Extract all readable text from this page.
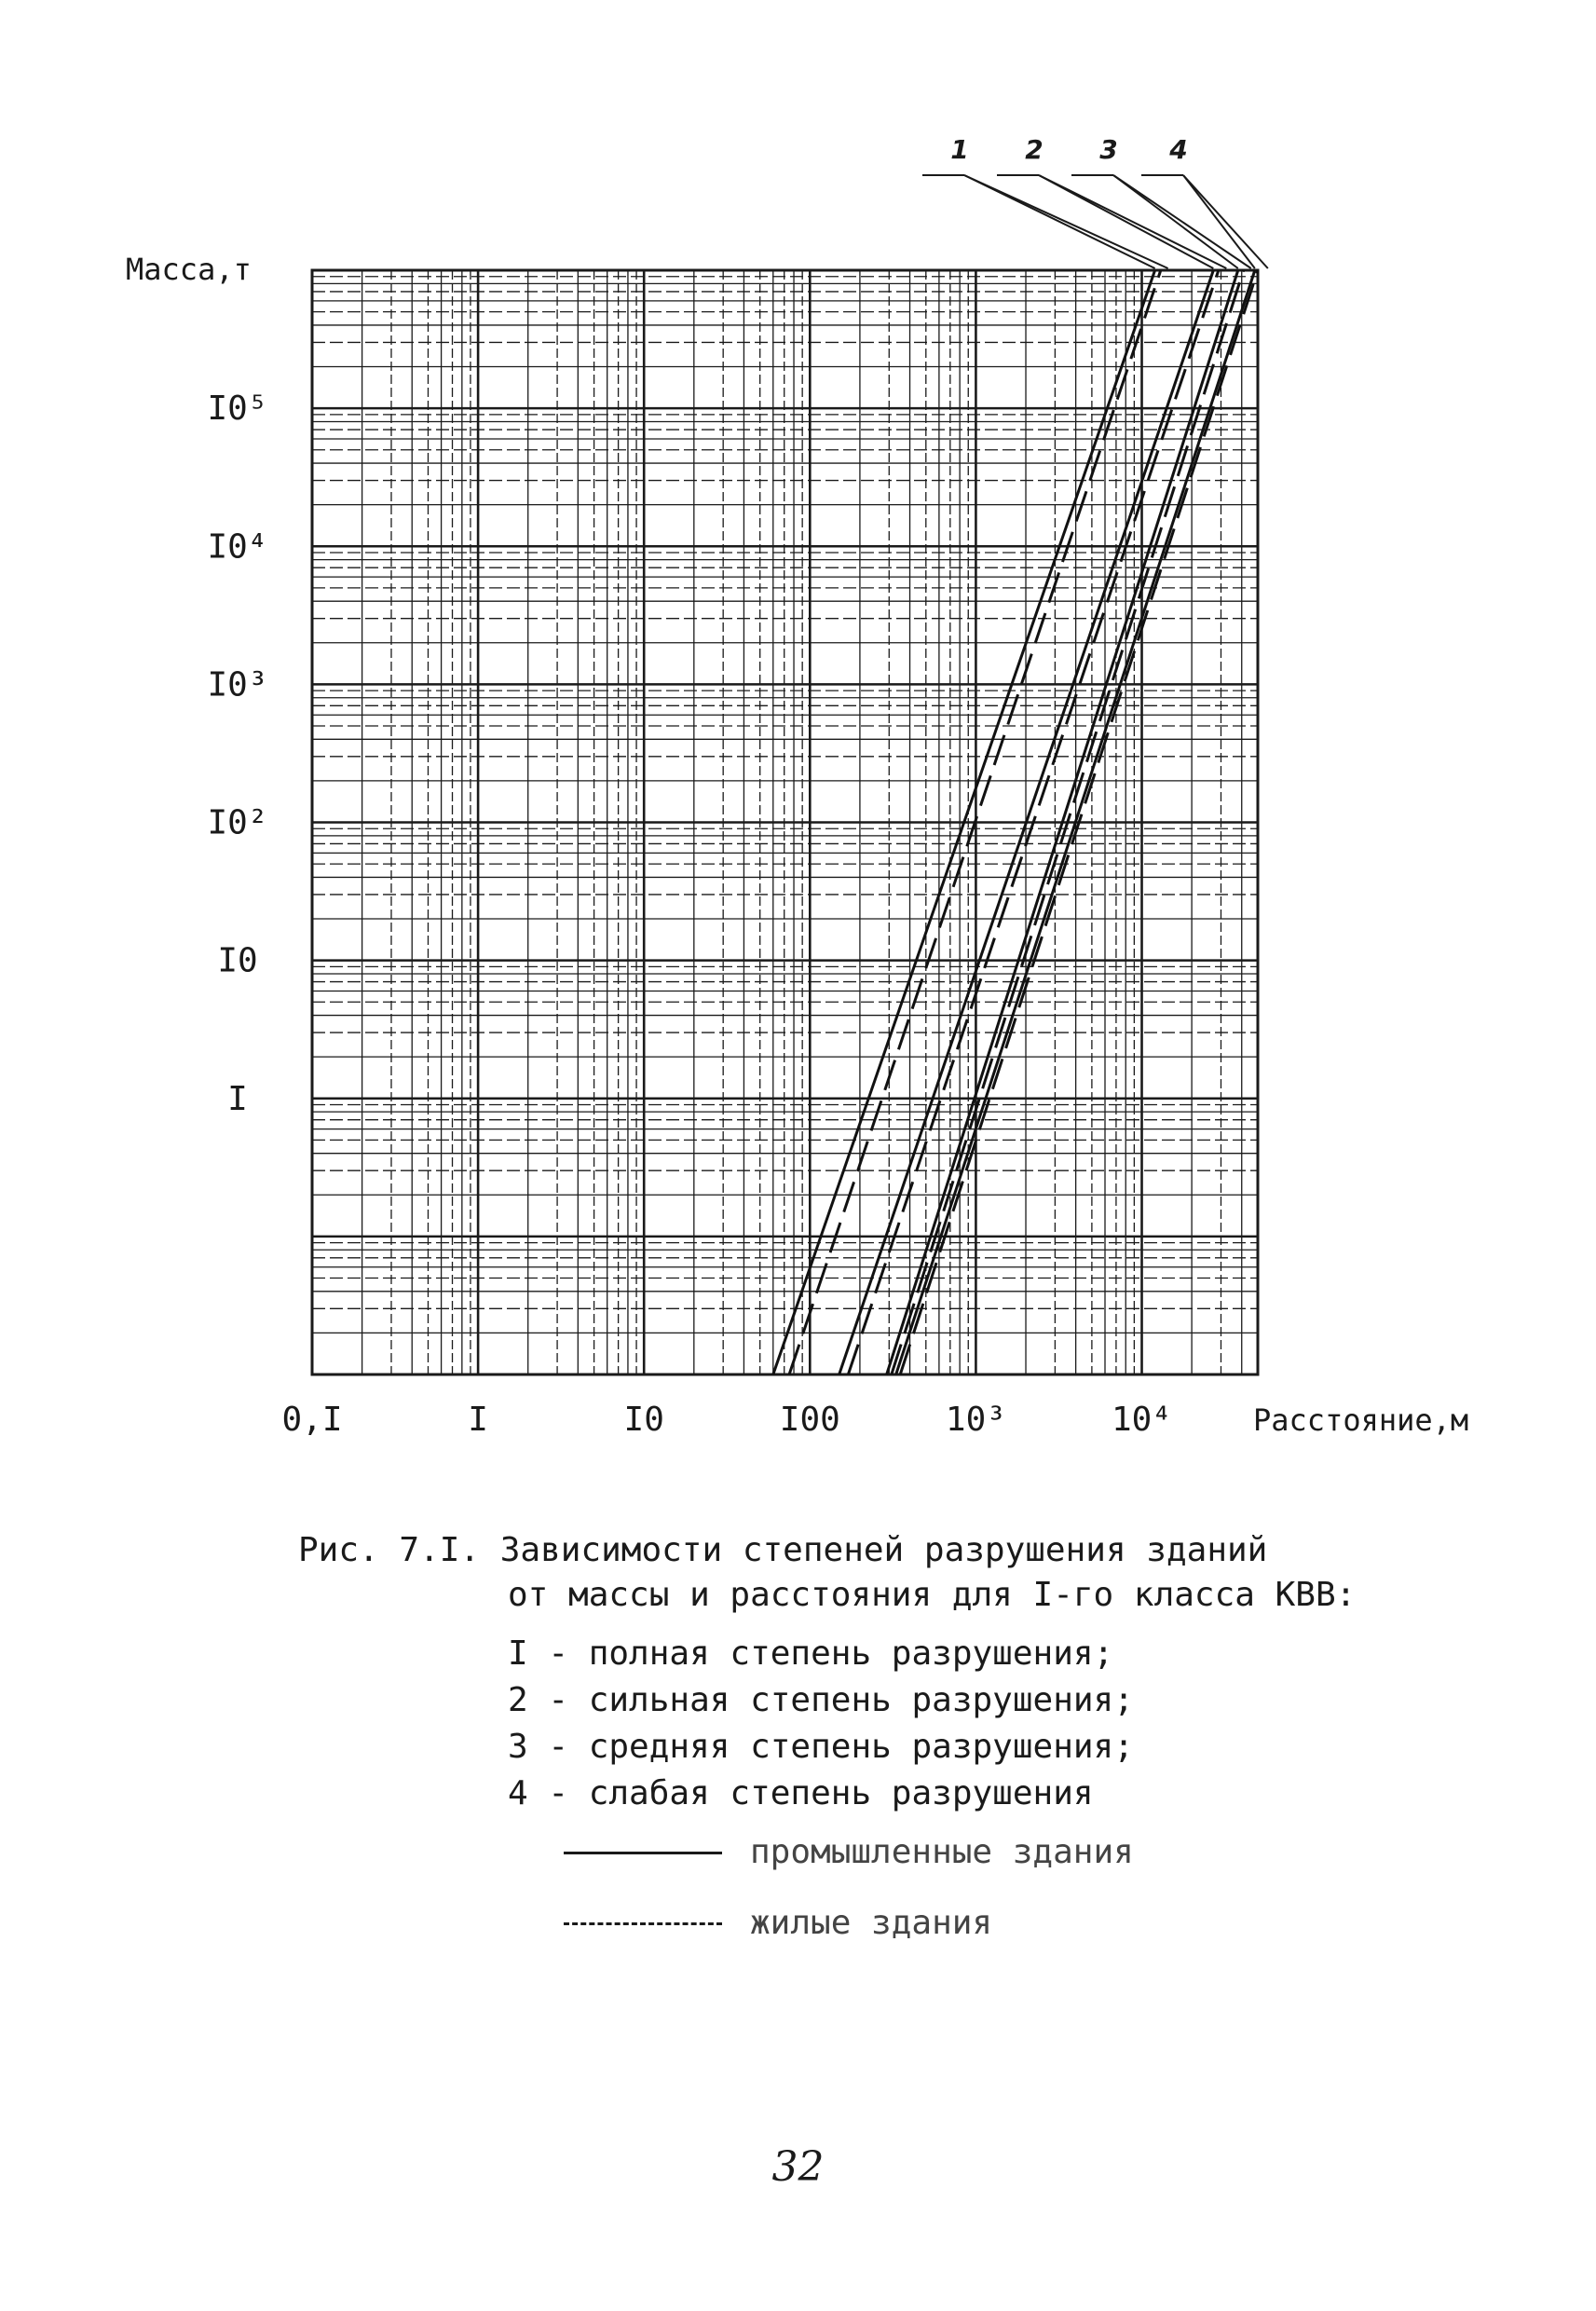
1 2 3 4
0,I	I	I0	I00	10³	10⁴
I
I0
I0²
I0³
I0⁴
I0⁵
Масса,т
Расстояние,м
Рис. 7.I. Зависимости степеней разрушения зданий
от массы и расстояния для I-го класса КВВ:
I - полная степень разрушения;
2 - сильная степень разрушения;
3 - средняя степень разрушения;
4 - слабая степень разрушения
промышленные здания
жилые здания
32
